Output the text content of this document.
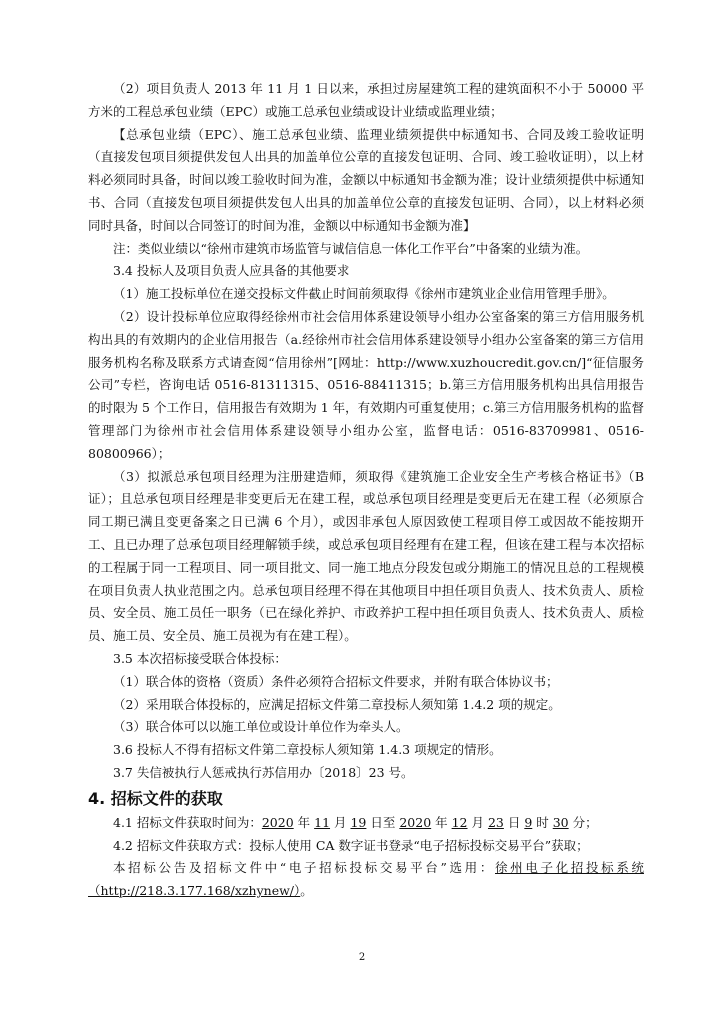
（2）项目负责人 2013 年 11 月 1 日以来，承担过房屋建筑工程的建筑面积不小于 50000 平方米的工程总承包业绩（EPC）或施工总承包业绩或设计业绩或监理业绩；

【总承包业绩（EPC）、施工总承包业绩、监理业绩须提供中标通知书、合同及竣工验收证明（直接发包项目须提供发包人出具的加盖单位公章的直接发包证明、合同、竣工验收证明），以上材料必须同时具备，时间以竣工验收时间为准，金额以中标通知书金额为准；设计业绩须提供中标通知书、合同（直接发包项目须提供发包人出具的加盖单位公章的直接发包证明、合同），以上材料必须同时具备，时间以合同签订的时间为准，金额以中标通知书金额为准】

注：类似业绩以“徐州市建筑市场监管与诚信信息一体化工作平台”中备案的业绩为准。

3.4 投标人及项目负责人应具备的其他要求

（1）施工投标单位在递交投标文件截止时间前须取得《徐州市建筑业企业信用管理手册》。

（2）设计投标单位应取得经徐州市社会信用体系建设领导小组办公室备案的第三方信用服务机构出具的有效期内的企业信用报告（a.经徐州市社会信用体系建设领导小组办公室备案的第三方信用服务机构名称及联系方式请查阅“信用徐州”[网址：http://www.xuzhoucredit.gov.cn/]“征信服务公司”专栏，咨询电话 0516-81311315、0516-88411315；b.第三方信用服务机构出具信用报告的时限为 5 个工作日，信用报告有效期为 1 年，有效期内可重复使用；c.第三方信用服务机构的监督管理部门为徐州市社会信用体系建设领导小组办公室，监督电话：0516-83709981、0516-80800966）；

（3）拟派总承包项目经理为注册建造师，须取得《建筑施工企业安全生产考核合格证书》（B证）；且总承包项目经理是非变更后无在建工程，或总承包项目经理是变更后无在建工程（必须原合同工期已满且变更备案之日已满 6 个月），或因非承包人原因致使工程项目停工或因故不能按期开工、且已办理了总承包项目经理解锁手续，或总承包项目经理有在建工程，但该在建工程与本次招标的工程属于同一工程项目、同一项目批文、同一施工地点分段发包或分期施工的情况且总的工程规模在项目负责人执业范围之内。总承包项目经理不得在其他项目中担任项目负责人、技术负责人、质检员、安全员、施工员任一职务（已在绿化养护、市政养护工程中担任项目负责人、技术负责人、质检员、施工员、安全员、施工员视为有在建工程）。

3.5 本次招标接受联合体投标：

（1）联合体的资格（资质）条件必须符合招标文件要求，并附有联合体协议书；

（2）采用联合体投标的，应满足招标文件第二章投标人须知第 1.4.2 项的规定。

（3）联合体可以以施工单位或设计单位作为牵头人。

3.6 投标人不得有招标文件第二章投标人须知第 1.4.3 项规定的情形。

3.7 失信被执行人惩戒执行苏信用办〔2018〕23 号。

4. 招标文件的获取

4.1 招标文件获取时间为：2020 年 11 月 19 日至 2020 年 12 月 23 日 9 时 30 分；

4.2 招标文件获取方式：投标人使用 CA 数字证书登录“电子招标投标交易平台”获取；

本招标公告及招标文件中“电子招标投标交易平台”选用：徐州电子化招投标系统（http://218.3.177.168/xzhynew/）。

2
